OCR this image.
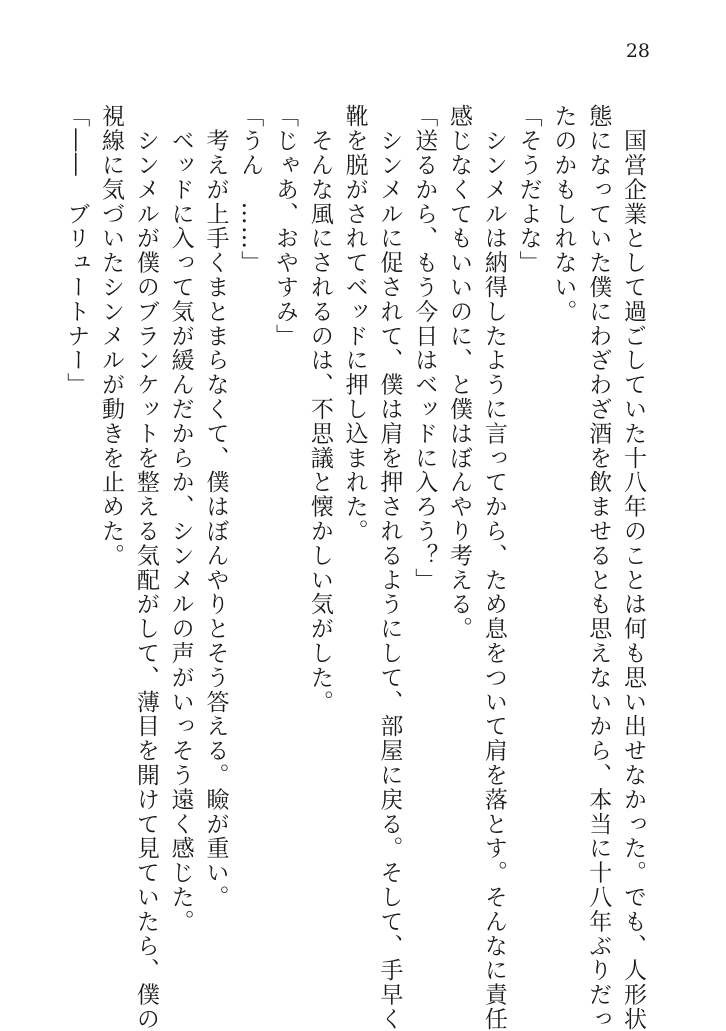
28
　国営企業として過ごしていた十八年のことは何も思い出せなかった。でも、人形状
態になっていた僕にわざわざ酒を飲ませるとも思えないから、本当に十八年ぶりだっ
たのかもしれない。
「そうだよな」
　シンメルは納得したように言ってから、ため息をついて肩を落とす。そんなに責任
感じなくてもいいのに、と僕はぼんやり考える。
「送るから、もう今日はベッドに入ろう？」
　シンメルに促されて、僕は肩を押されるようにして、部屋に戻る。そして、手早く
靴を脱がされてベッドに押し込まれた。
　そんな風にされるのは、不思議と懐かしい気がした。
「じゃあ、おやすみ」
「うん　……」
　考えが上手くまとまらなくて、僕はぼんやりとそう答える。瞼が重い。
　ベッドに入って気が緩んだからか、シンメルの声がいっそう遠く感じた。
　シンメルが僕のブランケットを整える気配がして、薄目を開けて見ていたら、僕の
視線に気づいたシンメルが動きを止めた。
「――　ブリュートナー」
